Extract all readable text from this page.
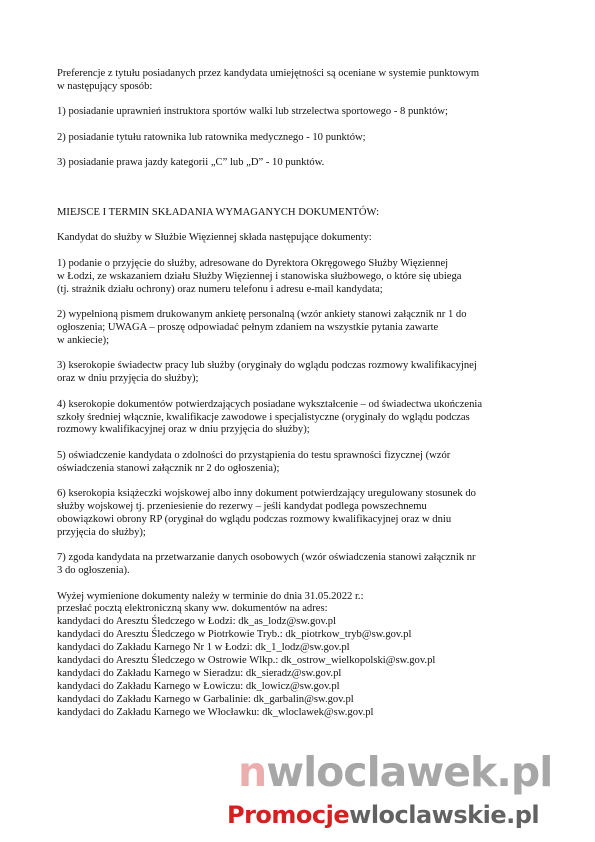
Preferencje z tytułu posiadanych przez kandydata umiejętności są oceniane w systemie punktowym
w następujący sposób:

1) posiadanie uprawnień instruktora sportów walki lub strzelectwa sportowego - 8 punktów;

2) posiadanie tytułu ratownika lub ratownika medycznego - 10 punktów;

3) posiadanie prawa jazdy kategorii „C” lub „D” - 10 punktów.

MIEJSCE I TERMIN SKŁADANIA WYMAGANYCH DOKUMENTÓW:

Kandydat do służby w Służbie Więziennej składa następujące dokumenty:

1) podanie o przyjęcie do służby, adresowane do Dyrektora Okręgowego Służby Więziennej
w Łodzi, ze wskazaniem działu Służby Więziennej i stanowiska służbowego, o które się ubiega
(tj. strażnik działu ochrony) oraz numeru telefonu i adresu e-mail kandydata;

2) wypełnioną pismem drukowanym ankietę personalną (wzór ankiety stanowi załącznik nr 1 do
ogłoszenia; UWAGA – proszę odpowiadać pełnym zdaniem na wszystkie pytania zawarte
w ankiecie);

3) kserokopie świadectw pracy lub służby (oryginały do wglądu podczas rozmowy kwalifikacyjnej
oraz w dniu przyjęcia do służby);

4) kserokopie dokumentów potwierdzających posiadane wykształcenie – od świadectwa ukończenia
szkoły średniej włącznie, kwalifikacje zawodowe i specjalistyczne (oryginały do wglądu podczas
rozmowy kwalifikacyjnej oraz w dniu przyjęcia do służby);

5) oświadczenie kandydata o zdolności do przystąpienia do testu sprawności fizycznej (wzór
oświadczenia stanowi załącznik nr 2 do ogłoszenia);

6) kserokopia książeczki wojskowej albo inny dokument potwierdzający uregulowany stosunek do
służby wojskowej tj. przeniesienie do rezerwy – jeśli kandydat podlega powszechnemu
obowiązkowi obrony RP (oryginał do wglądu podczas rozmowy kwalifikacyjnej oraz w dniu
przyjęcia do służby);

7) zgoda kandydata na przetwarzanie danych osobowych (wzór oświadczenia stanowi załącznik nr
3 do ogłoszenia).

Wyżej wymienione dokumenty należy w terminie do dnia 31.05.2022 r.:

przesłać pocztą elektroniczną skany ww. dokumentów na adres:

kandydaci do Aresztu Śledczego w Łodzi: dk_as_lodz@sw.gov.pl
kandydaci do Aresztu Śledczego w Piotrkowie Tryb.: dk_piotrkow_tryb@sw.gov.pl
kandydaci do Zakładu Karnego Nr 1 w Łodzi: dk_1_lodz@sw.gov.pl
kandydaci do Aresztu Śledczego w Ostrowie Wlkp.: dk_ostrow_wielkopolski@sw.gov.pl
kandydaci do Zakładu Karnego w Sieradzu: dk_sieradz@sw.gov.pl
kandydaci do Zakładu Karnego w Łowiczu: dk_lowicz@sw.gov.pl
kandydaci do Zakładu Karnego w Garbalinie: dk_garbalin@sw.gov.pl
kandydaci do Zakładu Karnego we Włocławku: dk_wloclawek@sw.gov.pl
nwloclawek.pl
Promocjewloclawskie.pl
